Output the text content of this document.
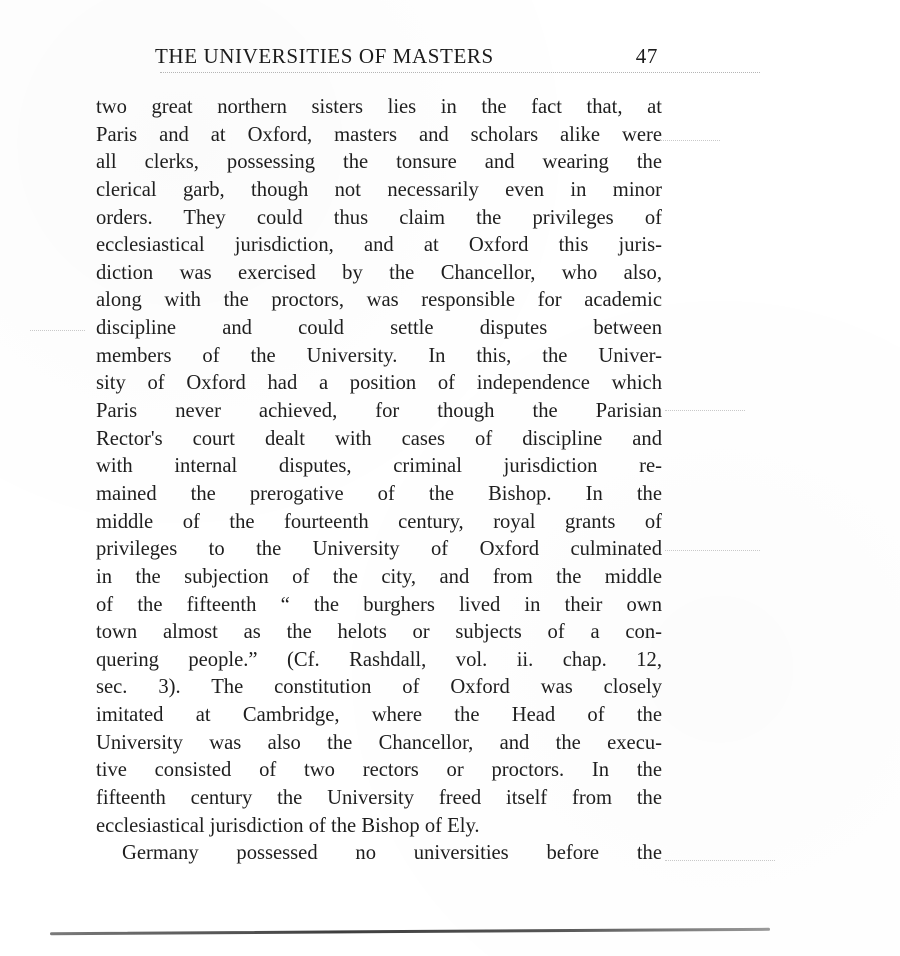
THE UNIVERSITIES OF MASTERS	47
two great northern sisters lies in the fact that, at
Paris and at Oxford, masters and scholars alike were
all clerks, possessing the tonsure and wearing the
clerical garb, though not necessarily even in minor
orders. They could thus claim the privileges of
ecclesiastical jurisdiction, and at Oxford this juris-
diction was exercised by the Chancellor, who also,
along with the proctors, was responsible for academic
discipline and could settle disputes between
members of the University. In this, the Univer-
sity of Oxford had a position of independence which
Paris never achieved, for though the Parisian
Rector's court dealt with cases of discipline and
with internal disputes, criminal jurisdiction re-
mained the prerogative of the Bishop. In the
middle of the fourteenth century, royal grants of
privileges to the University of Oxford culminated
in the subjection of the city, and from the middle
of the fifteenth “ the burghers lived in their own
town almost as the helots or subjects of a con-
quering people.” (Cf. Rashdall, vol. ii. chap. 12,
sec. 3). The constitution of Oxford was closely
imitated at Cambridge, where the Head of the
University was also the Chancellor, and the execu-
tive consisted of two rectors or proctors. In the
fifteenth century the University freed itself from the
ecclesiastical jurisdiction of the Bishop of Ely.
Germany possessed no universities before the
